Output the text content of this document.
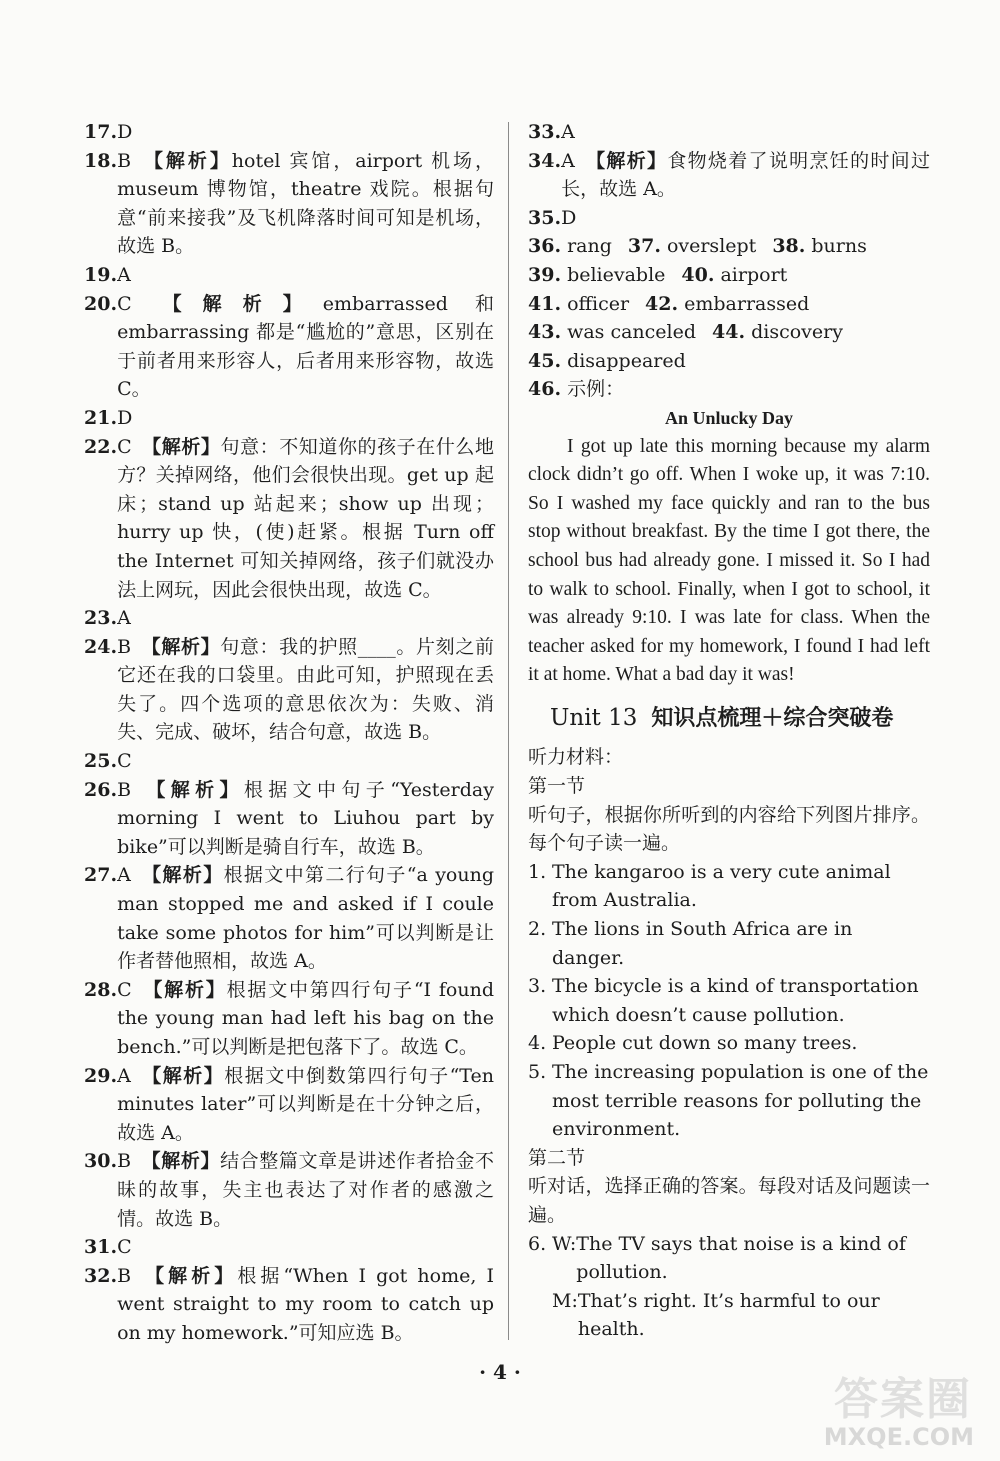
17. D
18. B 【解析】hotel 宾馆，airport 机场，museum 博物馆，theatre 戏院。根据句意“前来接我”及飞机降落时间可知是机场，故选 B。
19. A
20. C 【解析】embarrassed 和 embarrassing 都是“尴尬的”意思，区别在于前者用来形容人，后者用来形容物，故选 C。
21. D
22. C 【解析】句意：不知道你的孩子在什么地方？关掉网络，他们会很快出现。get up 起床；stand up 站起来；show up 出现；hurry up 快，(使)赶紧。根据 Turn off the Internet 可知关掉网络，孩子们就没办法上网玩，因此会很快出现，故选 C。
23. A
24. B 【解析】句意：我的护照____。片刻之前它还在我的口袋里。由此可知，护照现在丢失了。四个选项的意思依次为：失败、消失、完成、破坏，结合句意，故选 B。
25. C
26. B 【解析】根据文中句子“Yesterday morning I went to Liuhou part by bike”可以判断是骑自行车，故选 B。
27. A 【解析】根据文中第二行句子“a young man stopped me and asked if I coule take some photos for him”可以判断是让作者替他照相，故选 A。
28. C 【解析】根据文中第四行句子“I found the young man had left his bag on the bench.”可以判断是把包落下了。故选 C。
29. A 【解析】根据文中倒数第四行句子“Ten minutes later”可以判断是在十分钟之后，故选 A。
30. B 【解析】结合整篇文章是讲述作者拾金不昧的故事，失主也表达了对作者的感激之情。故选 B。
31. C
32. B 【解析】根据“When I got home, I went straight to my room to catch up on my homework.”可知应选 B。
33. A
34. A 【解析】食物烧着了说明烹饪的时间过长，故选 A。
35. D
36. rang 37. overslept 38. burns
39. believable 40. airport
41. officer 42. embarrassed
43. was canceled 44. discovery
45. disappeared
46. 示例：
An Unlucky Day
I got up late this morning because my alarm clock didn’t go off. When I woke up, it was 7:10. So I washed my face quickly and ran to the bus stop without breakfast. By the time I got there, the school bus had already gone. I missed it. So I had to walk to school. Finally, when I got to school, it was already 9:10. I was late for class. When the teacher asked for my homework, I found I had left it at home. What a bad day it was!
Unit 13 知识点梳理＋综合突破卷
听力材料：
第一节
听句子，根据你所听到的内容给下列图片排序。每个句子读一遍。
1. The kangaroo is a very cute animal from Australia.
2. The lions in South Africa are in danger.
3. The bicycle is a kind of transportation which doesn’t cause pollution.
4. People cut down so many trees.
5. The increasing population is one of the most terrible reasons for polluting the environment.
第二节
听对话，选择正确的答案。每段对话及问题读一遍。
6. W: The TV says that noise is a kind of pollution.
M: That’s right. It’s harmful to our health.
· 4 ·
答案圈
MXQE.COM
